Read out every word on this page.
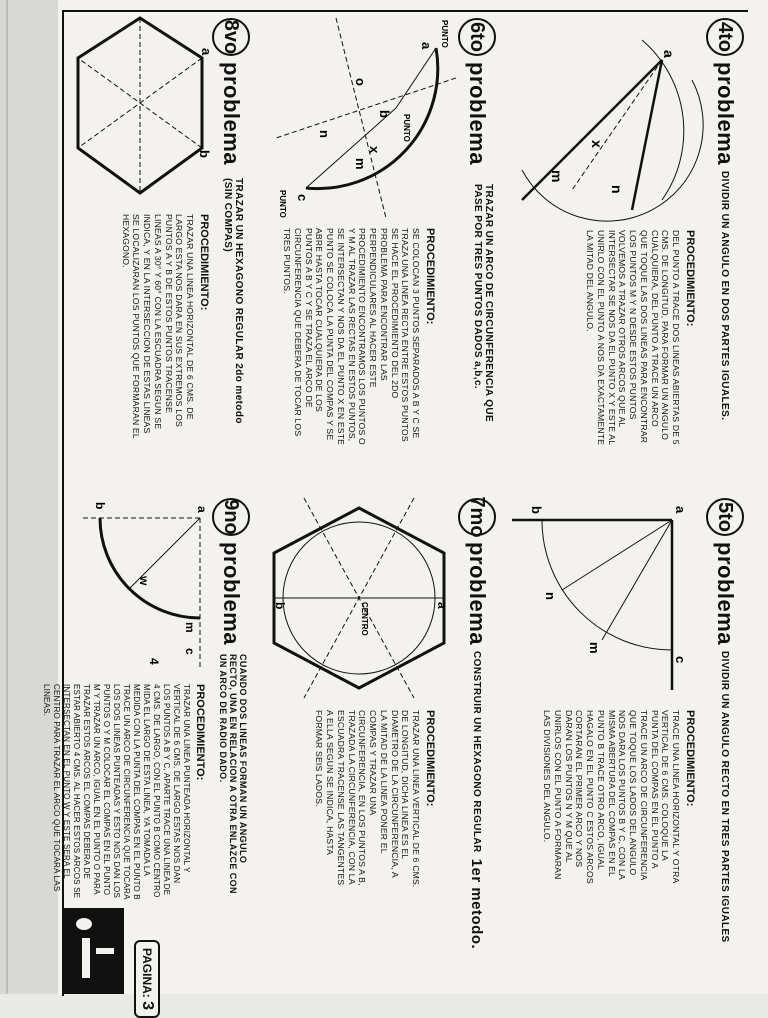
4to
problema
DIVIDIR UN ANGULO EN DOS PARTES IGUALES.
a
m
n
x

PROCEDIMIENTO:

DEL PUNTO A TRACE DOS LINEAS ABIERTAS DE 5 CMS. DE LONGITUD, PARA FORMAR UN ANGULO CUALQUIERA, DEL PUNTO A TRACE UN ARCO QUE TOQUE LAS DOS LINEAS PARA ENCONTRAR LOS PUNTOS M Y N DESDE ESTOS PUNTOS VOLVEMOS A TRAZAR OTROS ARCOS QUE AL INTERSECTAR SE NOS DA EL PUNTO X Y ESTE AL UNIRLO CON EL PUNTO A NOS DA EXACTAMENTE LA MITAD DEL ANGULO.

6to
problema
TRAZAR UN ARCO DE CIRCUNFERENCIA QUE PASE POR TRES PUNTOS DADOS a,b,c.
PUNTO
a
b
c
o
m
n
x
PUNTO
PUNTO

PROCEDIMIENTO:

SE COLOCAN 3 PUNTOS SEPARADOS A B Y C SE TRAZA UNA LINEA RECTA ENTRE ESTOS PUNTOS SE HACE EL PROCEDIMIENTO DEL 2DO PROBLEMA PARA ENCONTRAR LAS PERPENDICULARES AL HACER ESTE PROCEDIMIENTO ENCONTRAMOS LOS PUNTOS O Y M AL TRAZAR LAS RECTAS EN ESTOS PUNTOS, SE INTERSECTAN Y NOS DA EL PUNTO X EN ESTE PUNTO SE COLOCA LA PUNTA DEL COMPAS Y SE ABRE HASTA TOCAR CUALQUIERA DE LOS PUNTOS A B Y C Y SE TRAZA EL ARCO DE CIRCUNFERENCIA QUE DEBERA DE TOCAR LOS TRES PUNTOS.

8vo
problema
TRAZAR UN HEXAGONO REGULAR 2do metodo (SIN COMPAS)
a
b

PROCEDIMIENTO:

TRAZAR UNA LINEA HORIZONTAL DE 6 CMS. DE LARGO ESTA NOS DARA EN SUS EXTREMOS LOS PUNTOS A Y B DE ESTOS PUNTOS TRACENSE LINEAS A 30° Y 60° CON LA ESCUADRA SEGUN SE INDICA, Y EN LA INTERSECCION DE ESTAS LINEAS SE LOCALIZARAN LOS PUNTOS QUE FORMARAN EL HEXAGONO.

5to
problema
DIVIDIR UN ANGULO RECTO EN TRES PARTES IGUALES
a
b
c
m
n

PROCEDIMIENTO:

TRACE UNA LINEA HORIZONTAL Y OTRA VERTICAL DE 6 CMS. COLOQUE LA PUNTA DEL COMPAS EN EL PUNTO A TRACE UN ARCO DE CIRCUNFERENCIA QUE TOQUE LOS LADOS DEL ANGULO NOS DARA LOS PUNTOS B Y C, CON LA MISMA ABERTURA DEL COMPAS EN EL PUNTO B TRACE OTRO ARCO, IGUAL HAGALO EN EL PUNTO C ESTOS ARCOS CORTARAN EL PRIMER ARCO Y NOS DARAN LOS PUNTOS N Y M QUE AL UNIRLOS CON EL PUNTO A FORMARAN LAS DIVISIONES DEL ANGULO.

7mo
problema
CONSTRUIR UN HEXAGONO REGULAR
1er metodo.
a
b	CENTRO

PROCEDIMIENTO:

TRAZAR UNA LINEA VERTICAL DE 6 CMS. DE LONGITUD, DICHA LINEA ES EL DIAMETRO DE LA CIRCUNFERENCIA, A LA MITAD DE LA LINEA PONER EL COMPAS Y TRAZAR UNA CIRCUNFERENCIA, EN LOS PUNTOS A B, TRAZADA LA CIRCUNFERENCIA, CON LA ESCUADRA TRACENSE LAS TANGENTES A ELLA SEGUN SE INDICA, HASTA FORMAR SEIS LADOS.

9no
problema
CUANDO DOS LINEAS FORMAN UN ANGULO RECTO, UNA EN RELACION A OTRA ENLAZCE CON UN ARCO DE RADIO DADO.
a
b
c
m
w
4

PROCEDIMIENTO:

TRAZAR UNA LINEA PUNTEADA HORIZONTAL Y VERTICAL DE 6 CMS. DE LARGO ESTAS NOS DAN LOS PUNTOS A B Y C, APARTE TRACE UNA LINEA DE 4 CMS. DE LARGO, CON EL PUNTO B COMO CENTRO MIDA EL LARGO DE ESTA LINEA, YA TOMADA LA MEDIDA CON LA PUNTA DEL COMPAS EN EL PUNTO B TRACE UN ARCO DE CIRCUNFERENCIA QUE TOCARA LOS DOS LINEAS PUNTEADAS Y ESTO NOS DAN LOS PUNTOS O Y M COLOCAR EL COMPAS EN EL PUNTO M Y TRAZAR UN ARCO, IGUAL EN EL PUNTO O PARA TRAZAR ESTOS ARCOS EL COMPAS DEBERA DE ESTAR ABIERTO 4 CMS. AL HACER ESTOS ARCOS SE INTERSECTAN EN EL PUNTO W Y ESTE SERA EL CENTRO PARA TRAZAR EL ARCO QUE TOCARA LAS LINEAS.

PAGINA: 3
